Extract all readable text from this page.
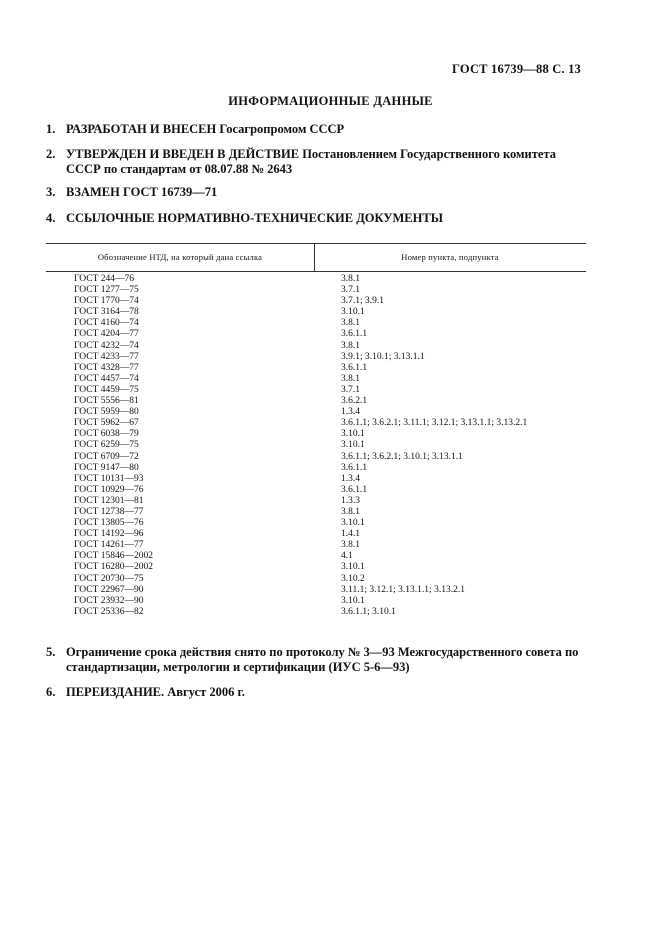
ГОСТ 16739—88 С. 13
ИНФОРМАЦИОННЫЕ ДАННЫЕ
1. РАЗРАБОТАН И ВНЕСЕН Госагропромом СССР
2. УТВЕРЖДЕН И ВВЕДЕН В ДЕЙСТВИЕ Постановлением Государственного комитета СССР по стандартам от 08.07.88 № 2643
3. ВЗАМЕН ГОСТ 16739—71
4. ССЫЛОЧНЫЕ НОРМАТИВНО-ТЕХНИЧЕСКИЕ ДОКУМЕНТЫ
Обозначение НТД, на который дана ссылка	Номер пункта, подпункта
ГОСТ 244—76	3.8.1
ГОСТ 1277—75	3.7.1
ГОСТ 1770—74	3.7.1; 3.9.1
ГОСТ 3164—78	3.10.1
ГОСТ 4160—74	3.8.1
ГОСТ 4204—77	3.6.1.1
ГОСТ 4232—74	3.8.1
ГОСТ 4233—77	3.9.1; 3.10.1; 3.13.1.1
ГОСТ 4328—77	3.6.1.1
ГОСТ 4457—74	3.8.1
ГОСТ 4459—75	3.7.1
ГОСТ 5556—81	3.6.2.1
ГОСТ 5959—80	1.3.4
ГОСТ 5962—67	3.6.1.1; 3.6.2.1; 3.11.1; 3.12.1; 3.13.1.1; 3.13.2.1
ГОСТ 6038—79	3.10.1
ГОСТ 6259—75	3.10.1
ГОСТ 6709—72	3.6.1.1; 3.6.2.1; 3.10.1; 3.13.1.1
ГОСТ 9147—80	3.6.1.1
ГОСТ 10131—93	1.3.4
ГОСТ 10929—76	3.6.1.1
ГОСТ 12301—81	1.3.3
ГОСТ 12738—77	3.8.1
ГОСТ 13805—76	3.10.1
ГОСТ 14192—96	1.4.1
ГОСТ 14261—77	3.8.1
ГОСТ 15846—2002	4.1
ГОСТ 16280—2002	3.10.1
ГОСТ 20730—75	3.10.2
ГОСТ 22967—90	3.11.1; 3.12.1; 3.13.1.1; 3.13.2.1
ГОСТ 23932—90	3.10.1
ГОСТ 25336—82	3.6.1.1; 3.10.1
5. Ограничение срока действия снято по протоколу № 3—93 Межгосударственного совета по стандартизации, метрологии и сертификации (ИУС 5-6—93)
6. ПЕРЕИЗДАНИЕ. Август 2006 г.
